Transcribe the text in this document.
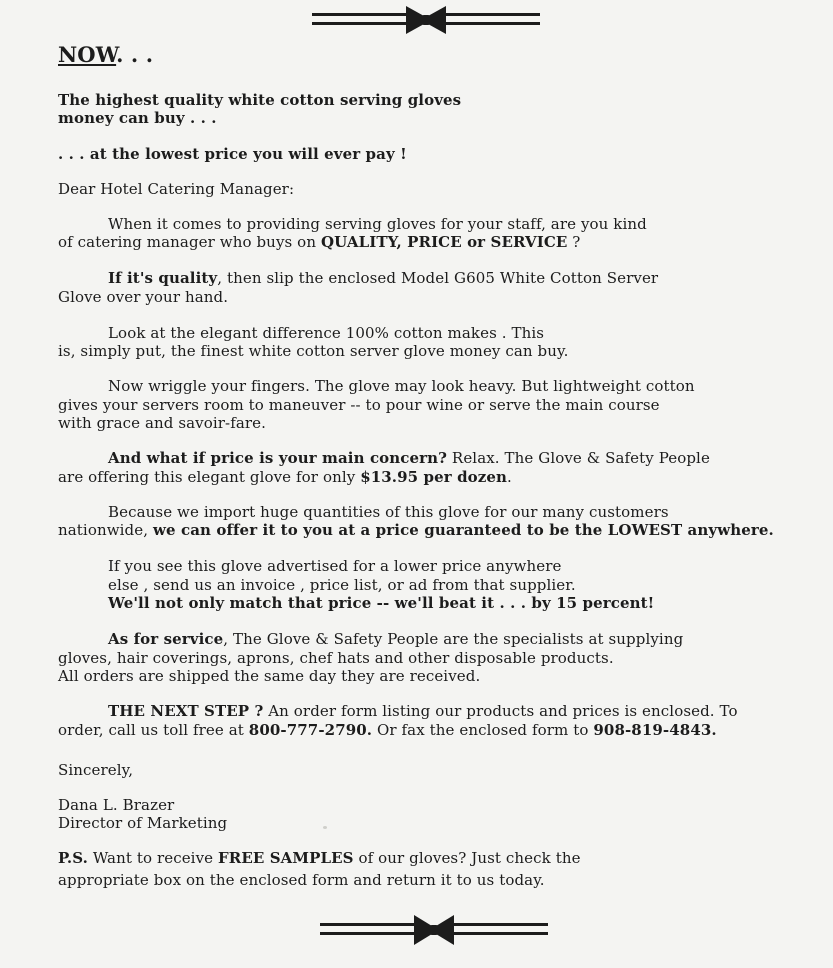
NOW. . .
The highest quality white cotton serving gloves
money can buy . . .
. . . at the lowest price you will ever pay !
Dear Hotel Catering Manager:
When it comes to providing serving gloves for your staff, are you kind
of catering manager who buys on QUALITY, PRICE or SERVICE ?
If it's quality, then slip the enclosed Model G605 White Cotton Server
Glove over your hand.
Look at the elegant difference 100% cotton makes . This
is, simply put, the finest white cotton server glove money can buy.
Now wriggle your fingers. The glove may look heavy. But lightweight cotton
gives your servers room to maneuver -- to pour wine or serve the main course
with grace and savoir-fare.
And what if price is your main concern? Relax. The Glove & Safety People
are offering this elegant glove for only $13.95 per dozen.
Because we import huge quantities of this glove for our many customers
nationwide, we can offer it to you at a price guaranteed to be the LOWEST anywhere.
If you see this glove advertised for a lower price anywhere
else , send us an invoice , price list, or ad from that supplier.
We'll not only match that price -- we'll beat it . . . by 15 percent!
As for service, The Glove & Safety People are the specialists at supplying
gloves, hair coverings, aprons, chef hats and other disposable products.
All orders are shipped the same day they are received.
THE NEXT STEP ? An order form listing our products and prices is enclosed. To
order, call us toll free at 800-777-2790. Or fax the enclosed form to 908-819-4843.
Sincerely,
Dana L. Brazer
Director of Marketing
P.S. Want to receive FREE SAMPLES of our gloves? Just check the
appropriate box on the enclosed form and return it to us today.
